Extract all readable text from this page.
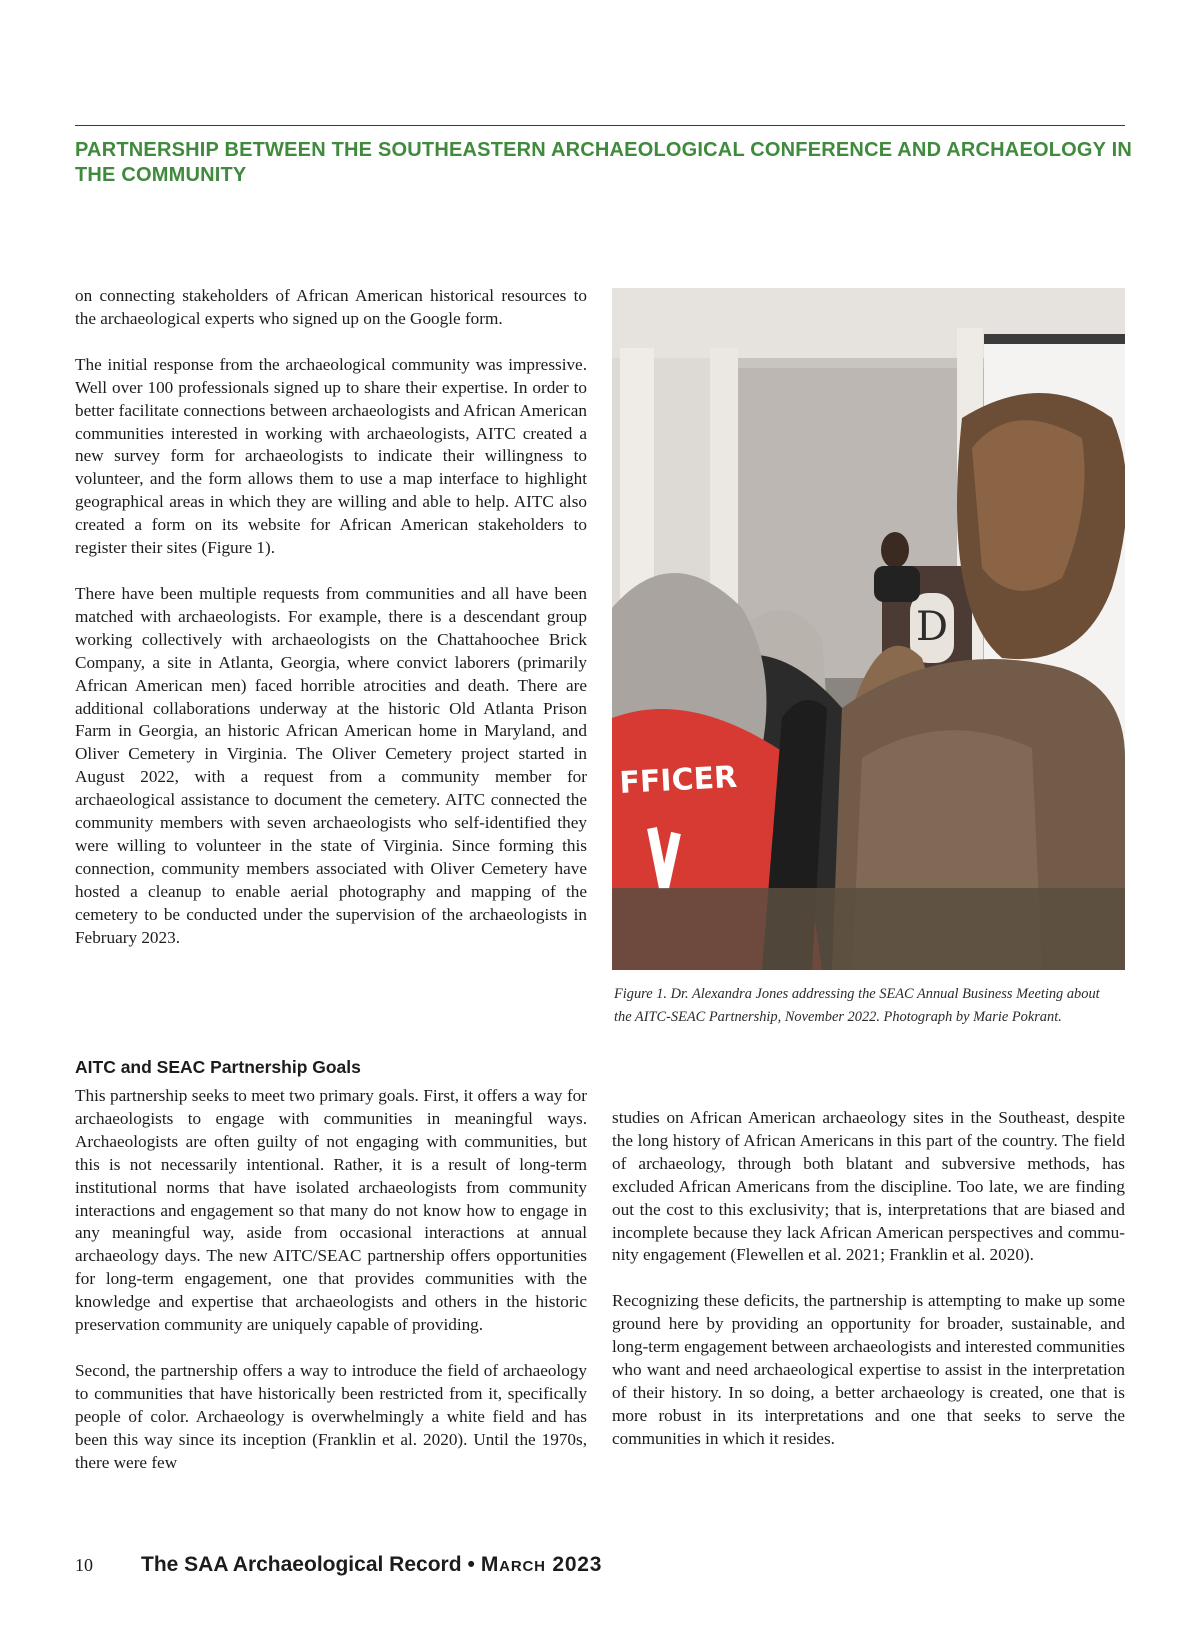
PARTNERSHIP BETWEEN THE SOUTHEASTERN ARCHAEOLOGICAL CONFERENCE AND ARCHAEOLOGY IN THE COMMUNITY

on connecting stakeholders of African American historical resources to the archaeological experts who signed up on the Google form.

The initial response from the archaeological community was impressive. Well over 100 professionals signed up to share their expertise. In order to better facilitate connections between archaeologists and African American communities interested in working with archaeologists, AITC created a new survey form for archaeologists to indicate their willingness to volunteer, and the form allows them to use a map interface to highlight geographical areas in which they are willing and able to help. AITC also created a form on its website for African American stakeholders to register their sites (Figure 1).

There have been multiple requests from communities and all have been matched with archaeologists. For example, there is a descendant group working collectively with archaeologists on the Chattahoochee Brick Company, a site in Atlanta, Georgia, where convict laborers (primarily African American men) faced horrible atrocities and death. There are additional collaborations underway at the historic Old Atlanta Prison Farm in Georgia, an historic African American home in Maryland, and Oliver Cemetery in Virginia. The Oliver Cemetery project started in August 2022, with a request from a community member for archaeological assistance to document the cemetery. AITC connected the community members with seven archaeologists who self-identified they were willing to volunteer in the state of Virginia. Since forming this connection, community members associated with Oliver Cemetery have hosted a cleanup to enable aerial photography and mapping of the cemetery to be conducted under the supervision of the archaeologists in February 2023.

AITC and SEAC Partnership Goals

This partnership seeks to meet two primary goals. First, it offers a way for archaeologists to engage with communities in meaningful ways. Archaeologists are often guilty of not engaging with communities, but this is not necessarily intentional. Rather, it is a result of long-term institutional norms that have isolated archaeologists from community interactions and engagement so that many do not know how to engage in any meaningful way, aside from occasional interactions at annual archaeology days. The new AITC/SEAC partnership offers opportunities for long-term engagement, one that provides communities with the knowledge and expertise that archaeologists and others in the historic preservation community are uniquely capable of providing.

Second, the partnership offers a way to introduce the field of archaeology to communities that have historically been restricted from it, specifically people of color. Archaeology is overwhelmingly a white field and has been this way since its inception (Franklin et al. 2020). Until the 1970s, there were few

D
FFICER

Figure 1. Dr. Alexandra Jones addressing the SEAC Annual Business Meeting about the AITC-SEAC Partnership, November 2022. Photograph by Marie Pokrant.

studies on African American archaeology sites in the Southeast, despite the long history of African Americans in this part of the country. The field of archaeology, through both blatant and subversive methods, has excluded African Americans from the discipline. Too late, we are finding out the cost to this exclusivity; that is, interpretations that are biased and incomplete because they lack African American perspectives and community engagement (Flewellen et al. 2021; Franklin et al. 2020).

Recognizing these deficits, the partnership is attempting to make up some ground here by providing an opportunity for broader, sustainable, and long-term engagement between archaeologists and interested communities who want and need archaeological expertise to assist in the interpretation of their history. In so doing, a better archaeology is created, one that is more robust in its interpretations and one that seeks to serve the communities in which it resides.

10 The SAA Archaeological Record • March 2023
